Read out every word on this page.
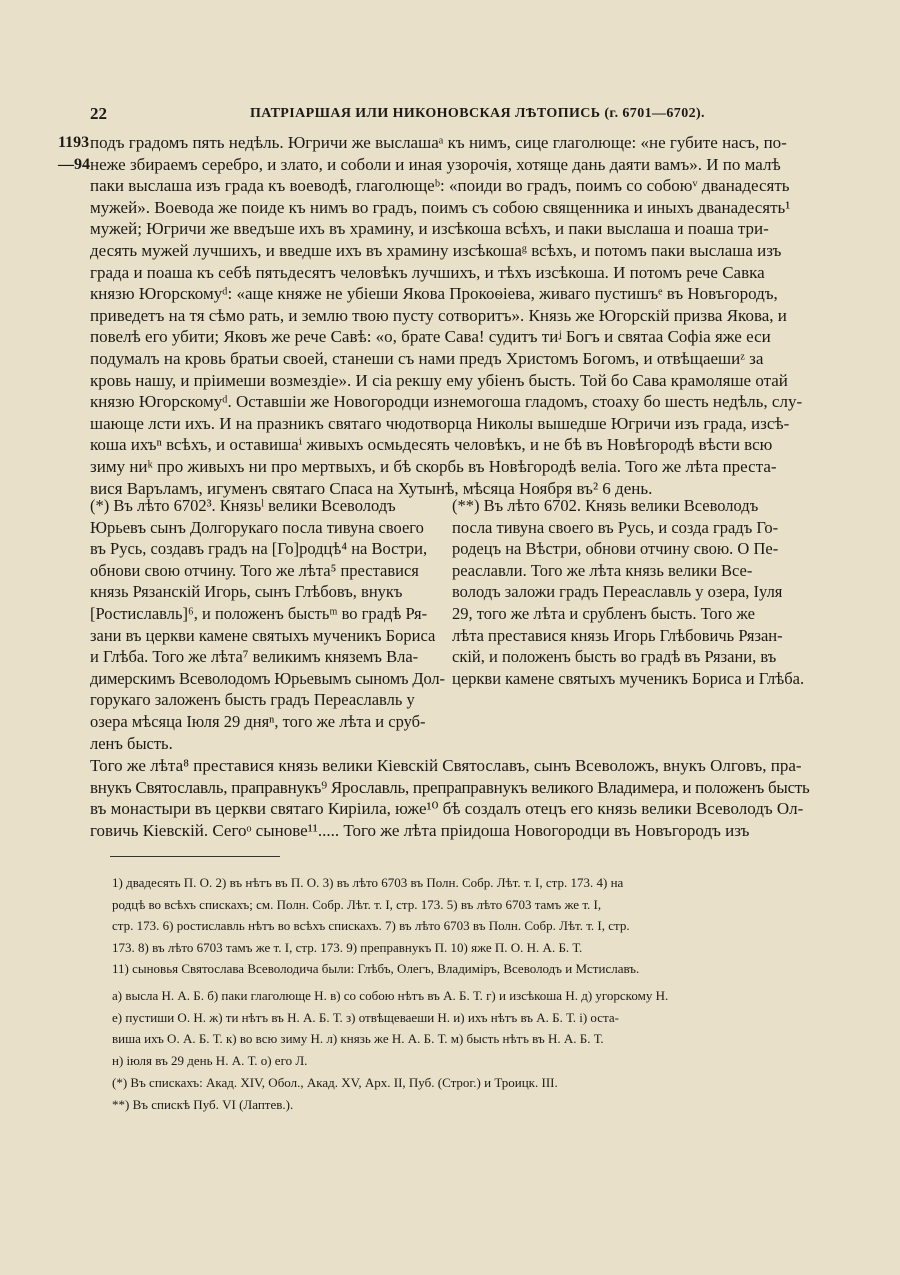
22	ПАТРІАРШАЯ ИЛИ НИКОНОВСКАЯ ЛѢТОПИСЬ (г. 6701—6702).
1193
—94
подъ градомъ пять недѣль. Югричи же выслашаᵃ къ нимъ, сице глаголюще: «не губите насъ, по-
неже збираемъ серебро, и злато, и соболи и иная узорочія, хотяще дань даяти вамъ». И по малѣ
паки выслаша изъ града къ воеводѣ, глаголющеᵇ: «поиди во градъ, поимъ со собоюᵛ дванадесять
мужей». Воевода же поиде къ нимъ во градъ, поимъ съ собою священника и иныхъ дванадесять¹
мужей; Югричи же введъше ихъ въ храмину, и изсѣкоша всѣхъ, и паки выслаша и поаша три-
десять мужей лучшихъ, и введше ихъ въ храмину изсѣкошаᵍ всѣхъ, и потомъ паки выслаша изъ
града и поаша къ себѣ пятьдесятъ человѣкъ лучшихъ, и тѣхъ изсѣкоша. И потомъ рече Савка
князю Югорскомуᵈ: «аще княже не убіеши Якова Прокоѳіева, живаго пустишъᵉ въ Новъгородъ,
приведетъ на тя сѣмо рать, и землю твою пусту сотворитъ». Князь же Югорскій призва Якова, и
повелѣ его убити; Яковъ же рече Савѣ: «о, брате Сава! судитъ тиᶨ Богъ и святаа Софіа яже еси
подумалъ на кровь братьи своей, станеши съ нами предъ Христомъ Богомъ, и отвѣщаешиᶻ за
кровь нашу, и пріимеши возмездіе». И сіа рекшу ему убіенъ бысть. Той бо Сава крамоляше отай
князю Югорскомуᵈ. Оставшіи же Новогородци изнемогоша гладомъ, стоаху бо шесть недѣль, слу-
шающе лсти ихъ. И на празникъ святаго чюдотворца Николы вышедше Югричи изъ града, изсѣ-
коша ихъⁿ всѣхъ, и оставишаⁱ живыхъ осмьдесять человѣкъ, и не бѣ въ Новѣгородѣ вѣсти всю
зиму ниᵏ про живыхъ ни про мертвыхъ, и бѣ скорбь въ Новѣгородѣ веліа. Того же лѣта преста-
вися Варъламъ, игуменъ святаго Спаса на Хутынѣ, мѣсяца Ноября въ² 6 день.
(*) Въ лѣто 6702³. Князьˡ велики Всеволодъ
Юрьевъ сынъ Долгорукаго посла тивуна своего
въ Русь, создавъ градъ на [Го]родцѣ⁴ на Востри,
обнови свою отчину. Того же лѣта⁵ преставися
князь Рязанскій Игорь, сынъ Глѣбовъ, внукъ
[Ростиславль]⁶, и положенъ быстьᵐ во градѣ Ря-
зани въ церкви камене святыхъ мученикъ Бориса
и Глѣба. Того же лѣта⁷ великимъ княземъ Вла-
димерскимъ Всеволодомъ Юрьевымъ сыномъ Дол-
горукаго заложенъ бысть градъ Переаславль у
озера мѣсяца Іюля 29 дняⁿ, того же лѣта и сруб-
ленъ бысть.
(**) Въ лѣто 6702. Князь велики Всеволодъ
посла тивуна своего въ Русь, и созда градъ Го-
родецъ на Вѣстри, обнови отчину свою. О Пе-
реаславли. Того же лѣта князь велики Все-
володъ заложи градъ Переаславль у озера, Іуля
29, того же лѣта и срубленъ бысть. Того же
лѣта преставися князь Игорь Глѣбовичь Рязан-
скій, и положенъ бысть во градѣ въ Рязани, въ
церкви камене святыхъ мученикъ Бориса и Глѣба.
Того же лѣта⁸ преставися князь велики Кіевскій Святославъ, сынъ Всеволожъ, внукъ Олговъ, пра-
внукъ Святославль, праправнукъ⁹ Ярославль, препраправнукъ великого Владимера, и положенъ бысть
въ монастыри въ церкви святаго Кирiила, юже¹⁰ бѣ создалъ отецъ его князь велики Всеволодъ Ол-
говичь Кіевскій. Сегоᵒ сынове¹¹..... Того же лѣта пріидоша Новогородци въ Новъгородъ изъ
1) двадесять П. О. 2) въ нѣтъ въ П. О. 3) въ лѣто 6703 въ Полн. Собр. Лѣт. т. I, стр. 173. 4) на
родцѣ во всѣхъ спискахъ; см. Полн. Собр. Лѣт. т. I, стр. 173. 5) въ лѣто 6703 тамъ же т. I,
стр. 173. 6) ростиславль нѣтъ во всѣхъ спискахъ. 7) въ лѣто 6703 въ Полн. Собр. Лѣт. т. I, стр.
173. 8) въ лѣто 6703 тамъ же т. I, стр. 173. 9) преправнукъ П. 10) яже П. О. Н. А. Б. Т.
11) сыновья Святослава Всеволодича были: Глѣбъ, Олегъ, Владиміръ, Всеволодъ и Мстиславъ.
а) высла Н. А. Б. б) паки глаголюще Н. в) со собою нѣтъ въ А. Б. Т. г) и изсѣкоша Н. д) угорскому Н.
е) пустиши О. Н. ж) ти нѣтъ въ Н. А. Б. Т. з) отвѣщеваеши Н. и) ихъ нѣтъ въ А. Б. Т. і) оста-
виша ихъ О. А. Б. Т. к) во всю зиму Н. л) князь же Н. А. Б. Т. м) бысть нѣтъ въ Н. А. Б. Т.
н) іюля въ 29 день Н. А. Т. о) его Л.
(*) Въ спискахъ: Акад. XIV, Обол., Акад. XV, Арх. II, Пуб. (Строг.) и Троицк. III.
**) Въ спискѣ Пуб. VI (Лаптев.).
